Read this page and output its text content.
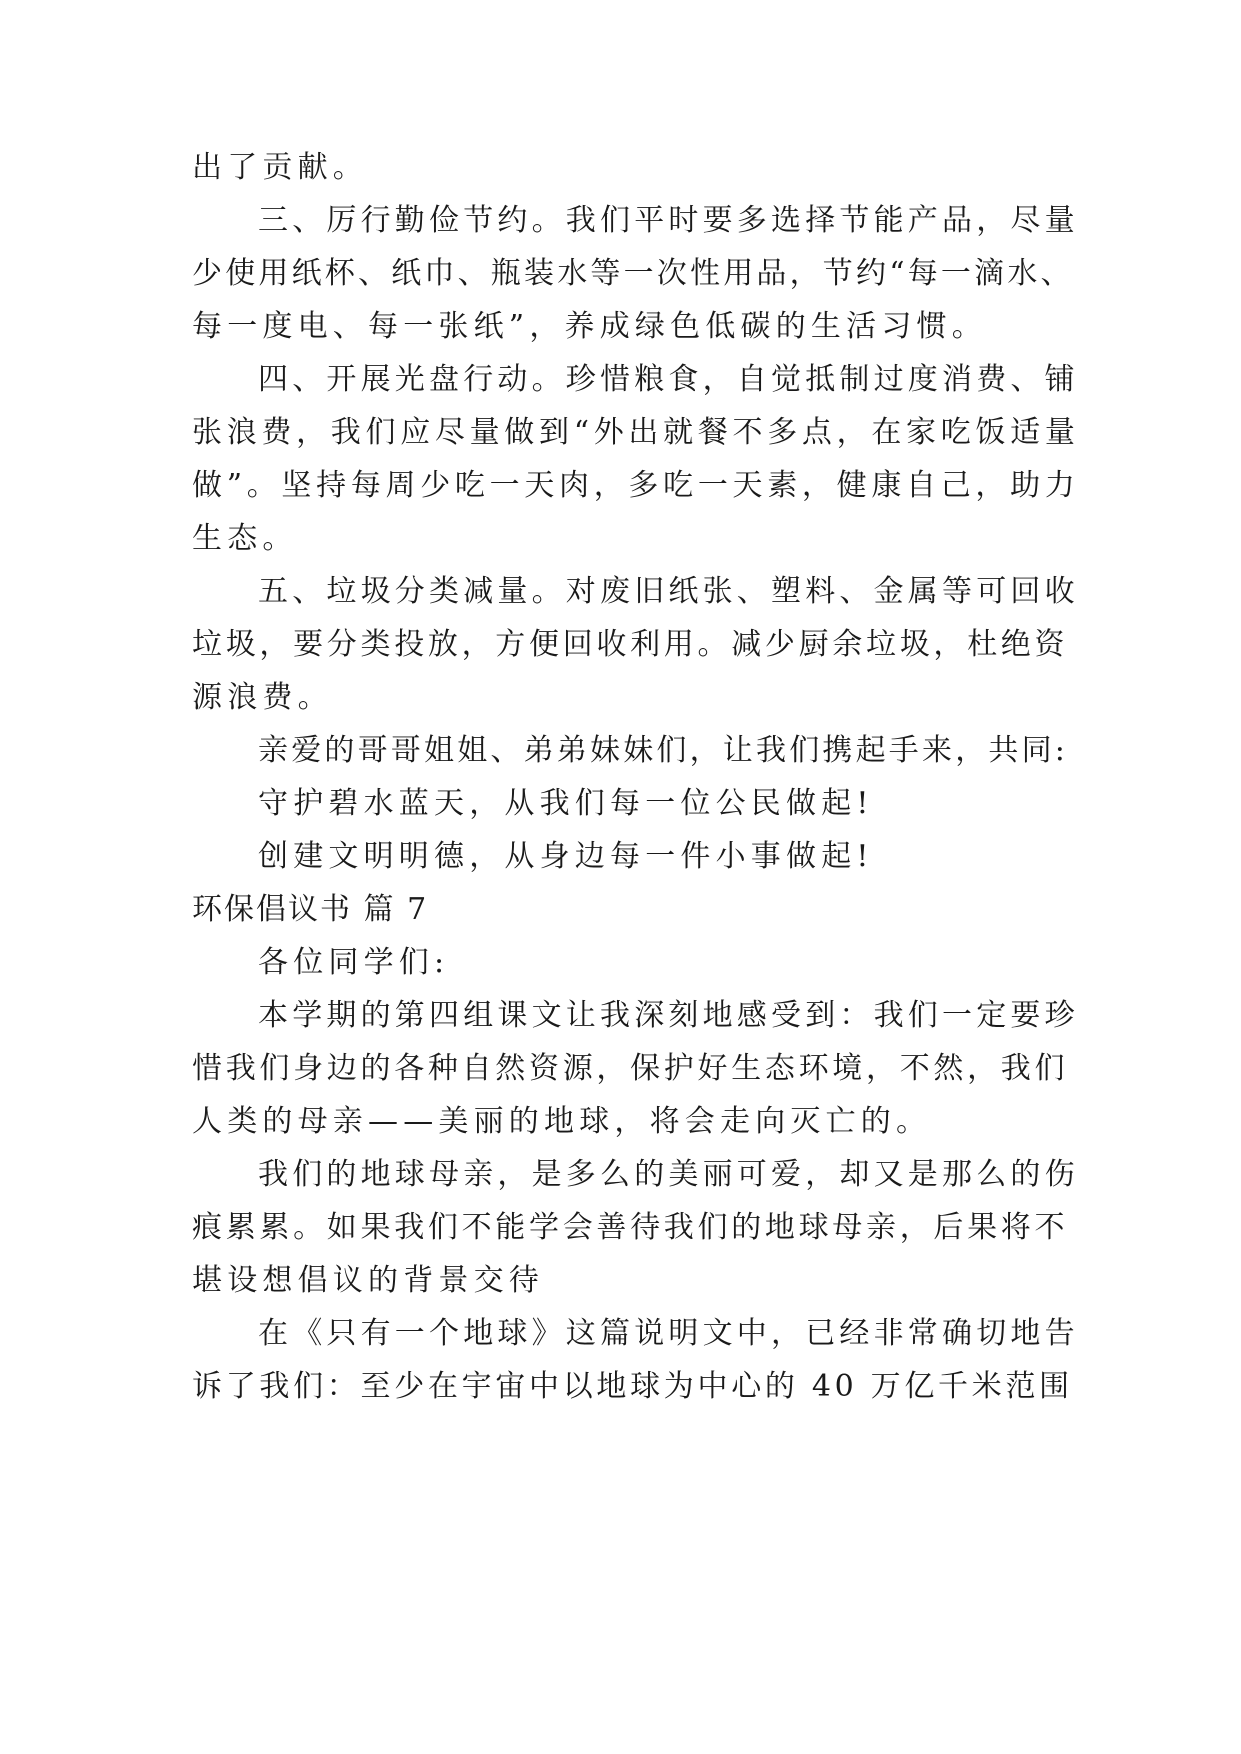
出了贡献。
三、厉行勤俭节约。我们平时要多选择节能产品，尽量
少使用纸杯、纸巾、瓶装水等一次性用品，节约“每一滴水、
每一度电、每一张纸”，养成绿色低碳的生活习惯。
四、开展光盘行动。珍惜粮食，自觉抵制过度消费、铺
张浪费，我们应尽量做到“外出就餐不多点，在家吃饭适量
做”。坚持每周少吃一天肉，多吃一天素，健康自己，助力
生态。
五、垃圾分类减量。对废旧纸张、塑料、金属等可回收
垃圾，要分类投放，方便回收利用。减少厨余垃圾，杜绝资
源浪费。
亲爱的哥哥姐姐、弟弟妹妹们，让我们携起手来，共同:
守护碧水蓝天，从我们每一位公民做起!
创建文明明德，从身边每一件小事做起!
环保倡议书 篇 7
各位同学们:
本学期的第四组课文让我深刻地感受到：我们一定要珍
惜我们身边的各种自然资源，保护好生态环境，不然，我们
人类的母亲——美丽的地球，将会走向灭亡的。
我们的地球母亲，是多么的美丽可爱，却又是那么的伤
痕累累。如果我们不能学会善待我们的地球母亲，后果将不
堪设想倡议的背景交待
在《只有一个地球》这篇说明文中，已经非常确切地告
诉了我们：至少在宇宙中以地球为中心的 40 万亿千米范围
